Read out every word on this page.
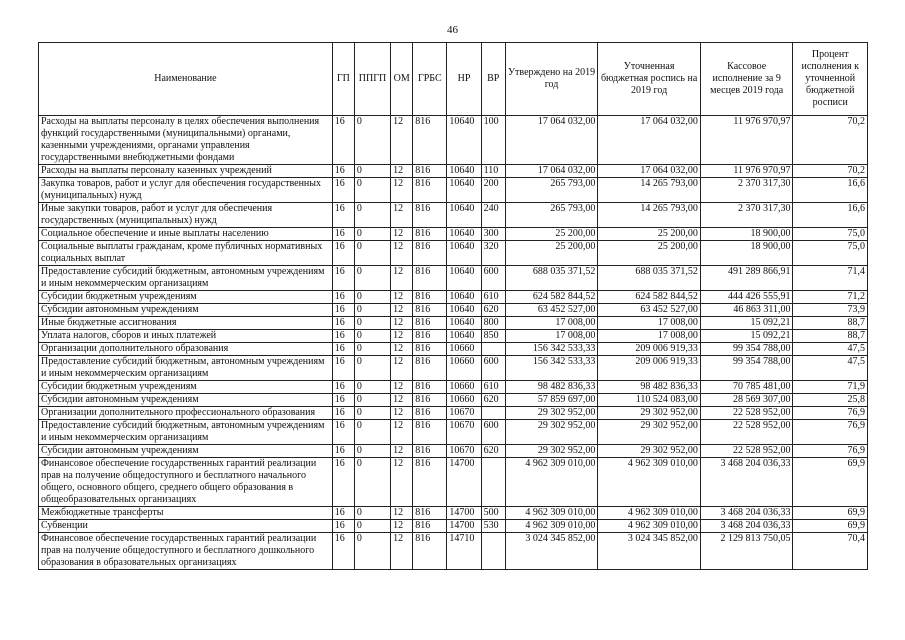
46
Наименование	ГП	ППГП	ОМ	ГРБС	НР	ВР	Утверждено на 2019 год	Уточненная бюджетная роспись на 2019 год	Кассовое исполнение за 9 месцев 2019 года	Процент исполнения к уточненной бюджетной росписи
Расходы на выплаты персоналу в целях обеспечения выполнения функций государственными (муниципальными) органами, казенными учреждениями, органами управления государственными внебюджетными фондами	16	0	12	816	10640	100	17 064 032,00	17 064 032,00	11 976 970,97	70,2
Расходы на выплаты персоналу казенных учреждений	16	0	12	816	10640	110	17 064 032,00	17 064 032,00	11 976 970,97	70,2
Закупка товаров, работ и услуг для обеспечения государственных (муниципальных) нужд	16	0	12	816	10640	200	265 793,00	14 265 793,00	2 370 317,30	16,6
Иные закупки товаров, работ и услуг для обеспечения государственных (муниципальных) нужд	16	0	12	816	10640	240	265 793,00	14 265 793,00	2 370 317,30	16,6
Социальное обеспечение и иные выплаты населению	16	0	12	816	10640	300	25 200,00	25 200,00	18 900,00	75,0
Социальные выплаты гражданам, кроме публичных нормативных социальных выплат	16	0	12	816	10640	320	25 200,00	25 200,00	18 900,00	75,0
Предоставление субсидий бюджетным, автономным учреждениям и иным некоммерческим организациям	16	0	12	816	10640	600	688 035 371,52	688 035 371,52	491 289 866,91	71,4
Субсидии бюджетным учреждениям	16	0	12	816	10640	610	624 582 844,52	624 582 844,52	444 426 555,91	71,2
Субсидии автономным учреждениям	16	0	12	816	10640	620	63 452 527,00	63 452 527,00	46 863 311,00	73,9
Иные бюджетные ассигнования	16	0	12	816	10640	800	17 008,00	17 008,00	15 092,21	88,7
Уплата налогов, сборов и иных платежей	16	0	12	816	10640	850	17 008,00	17 008,00	15 092,21	88,7
Организации дополнительного образования	16	0	12	816	10660		156 342 533,33	209 006 919,33	99 354 788,00	47,5
Предоставление субсидий бюджетным, автономным учреждениям и иным некоммерческим организациям	16	0	12	816	10660	600	156 342 533,33	209 006 919,33	99 354 788,00	47,5
Субсидии бюджетным учреждениям	16	0	12	816	10660	610	98 482 836,33	98 482 836,33	70 785 481,00	71,9
Субсидии автономным учреждениям	16	0	12	816	10660	620	57 859 697,00	110 524 083,00	28 569 307,00	25,8
Организации дополнительного профессионального образования	16	0	12	816	10670		29 302 952,00	29 302 952,00	22 528 952,00	76,9
Предоставление субсидий бюджетным, автономным учреждениям и иным некоммерческим организациям	16	0	12	816	10670	600	29 302 952,00	29 302 952,00	22 528 952,00	76,9
Субсидии автономным учреждениям	16	0	12	816	10670	620	29 302 952,00	29 302 952,00	22 528 952,00	76,9
Финансовое обеспечение государственных гарантий реализации прав на получение общедоступного и бесплатного начального общего, основного общего, среднего общего образования в общеобразовательных организациях	16	0	12	816	14700		4 962 309 010,00	4 962 309 010,00	3 468 204 036,33	69,9
Межбюджетные трансферты	16	0	12	816	14700	500	4 962 309 010,00	4 962 309 010,00	3 468 204 036,33	69,9
Субвенции	16	0	12	816	14700	530	4 962 309 010,00	4 962 309 010,00	3 468 204 036,33	69,9
Финансовое обеспечение государственных гарантий реализации прав на получение общедоступного и бесплатного дошкольного образования в образовательных организациях	16	0	12	816	14710		3 024 345 852,00	3 024 345 852,00	2 129 813 750,05	70,4
